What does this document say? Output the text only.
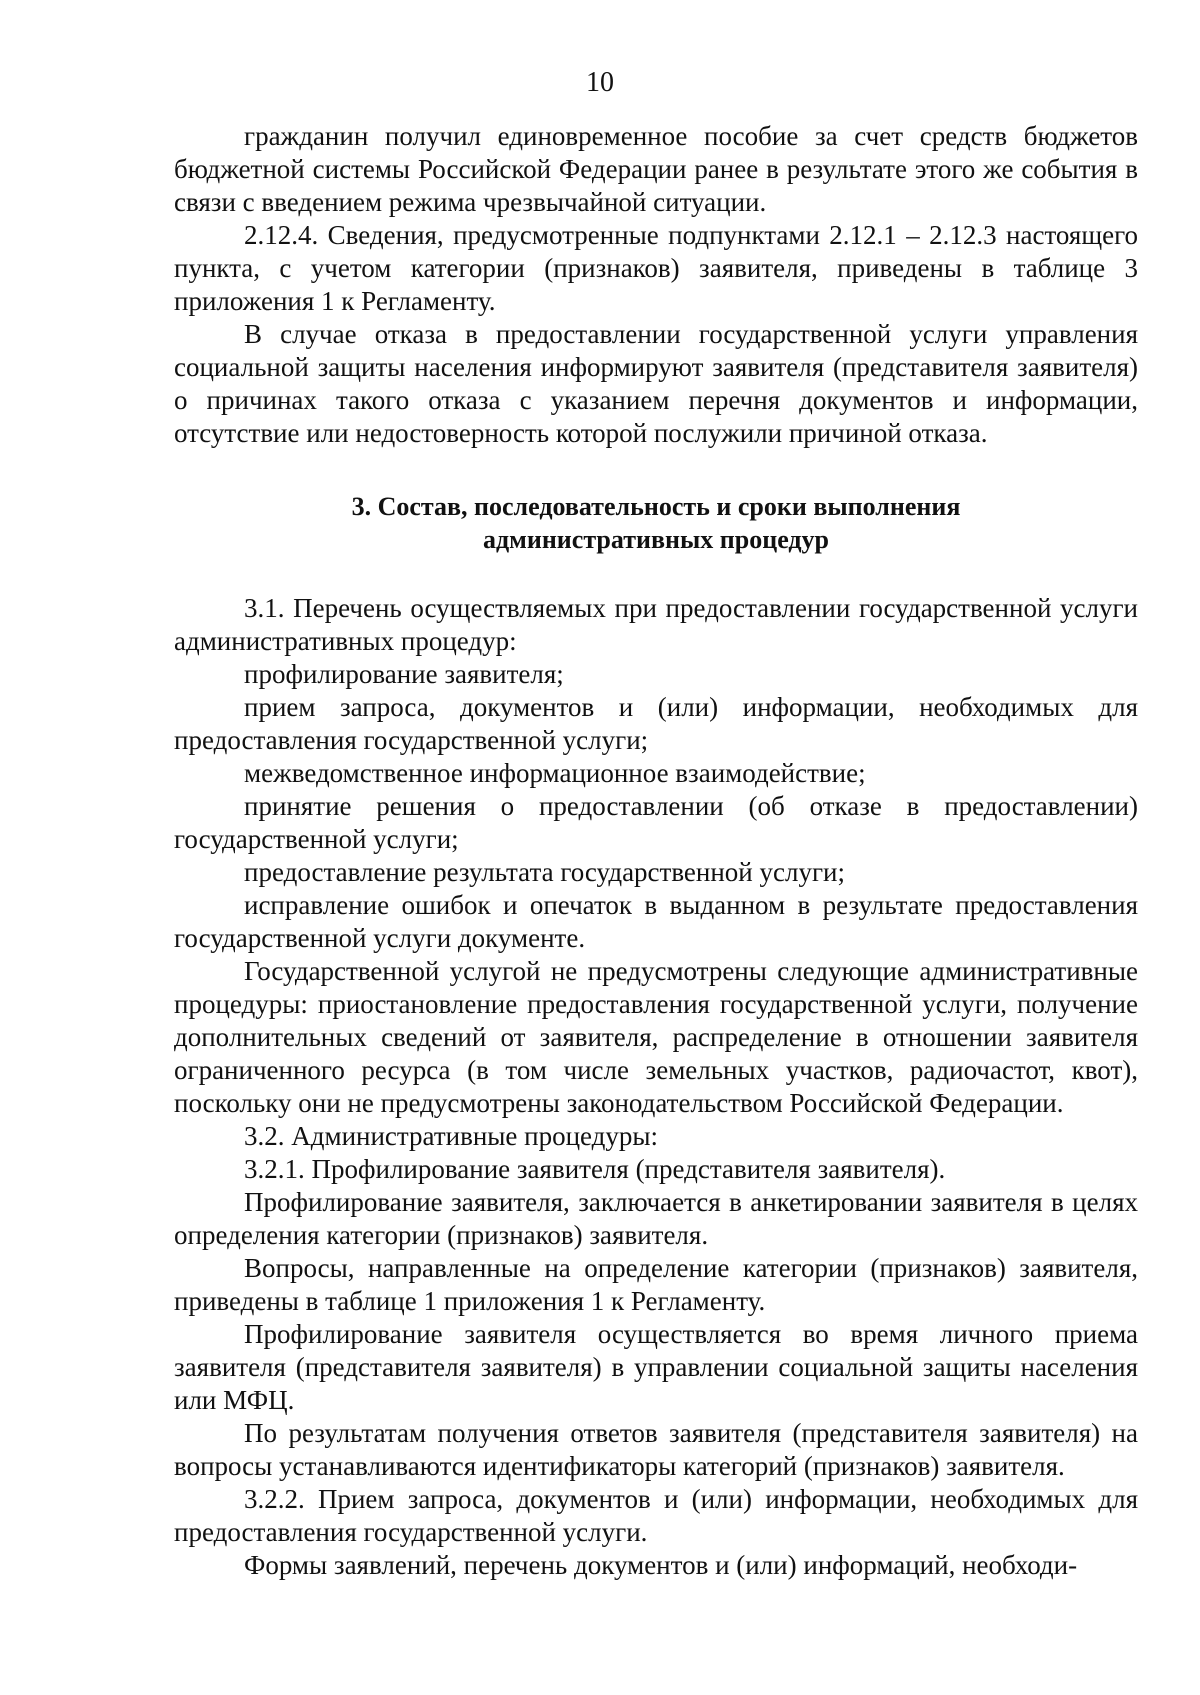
10

гражданин получил единовременное пособие за счет средств бюджетов бюджетной системы Российской Федерации ранее в результате этого же события в связи с введением режима чрезвычайной ситуации.

2.12.4. Сведения, предусмотренные подпунктами 2.12.1 – 2.12.3 настоящего пункта, с учетом категории (признаков) заявителя, приведены в таблице 3 приложения 1 к Регламенту.

В случае отказа в предоставлении государственной услуги управления социальной защиты населения информируют заявителя (представителя заявителя) о причинах такого отказа с указанием перечня документов и информации, отсутствие или недостоверность которой послужили причиной отказа.

3. Состав, последовательность и сроки выполнения
административных процедур

3.1. Перечень осуществляемых при предоставлении государственной услуги административных процедур:

профилирование заявителя;

прием запроса, документов и (или) информации, необходимых для предоставления государственной услуги;

межведомственное информационное взаимодействие;

принятие решения о предоставлении (об отказе в предоставлении) государственной услуги;

предоставление результата государственной услуги;

исправление ошибок и опечаток в выданном в результате предоставления государственной услуги документе.

Государственной услугой не предусмотрены следующие административные процедуры: приостановление предоставления государственной услуги, получение дополнительных сведений от заявителя, распределение в отношении заявителя ограниченного ресурса (в том числе земельных участков, радиочастот, квот), поскольку они не предусмотрены законодательством Российской Федерации.

3.2. Административные процедуры:

3.2.1. Профилирование заявителя (представителя заявителя).

Профилирование заявителя, заключается в анкетировании заявителя в целях определения категории (признаков) заявителя.

Вопросы, направленные на определение категории (признаков) заявителя, приведены в таблице 1 приложения 1 к Регламенту.

Профилирование заявителя осуществляется во время личного приема заявителя (представителя заявителя) в управлении социальной защиты населения или МФЦ.

По результатам получения ответов заявителя (представителя заявителя) на вопросы устанавливаются идентификаторы категорий (признаков) заявителя.

3.2.2. Прием запроса, документов и (или) информации, необходимых для предоставления государственной услуги.

Формы заявлений, перечень документов и (или) информаций, необходи-
